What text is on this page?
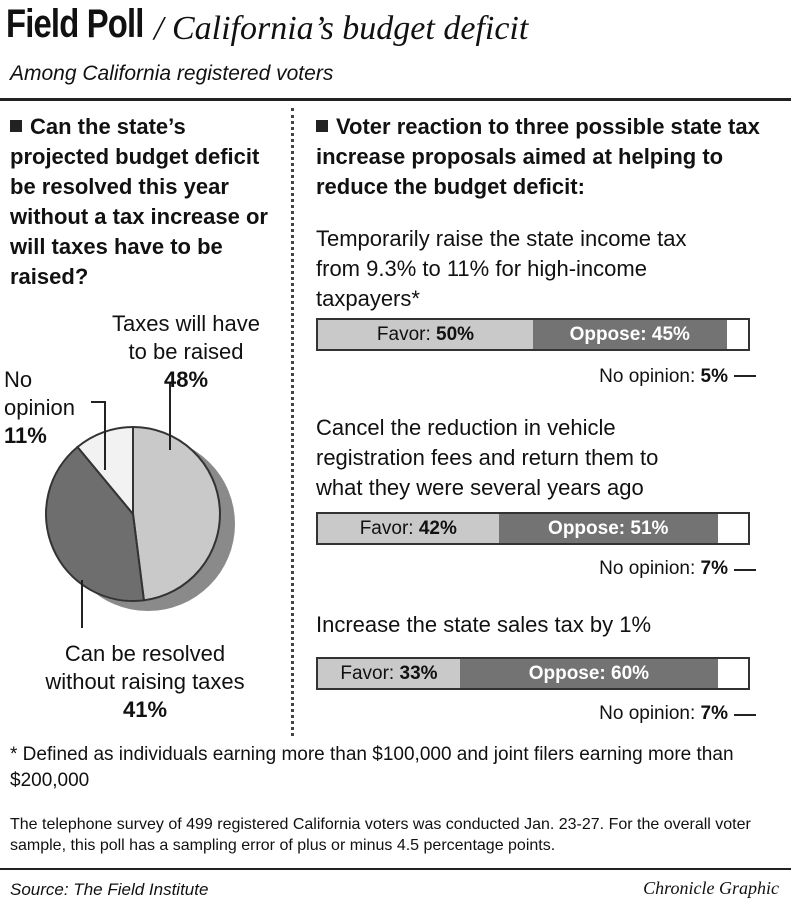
Field Poll / California’s budget deficit
Among California registered voters
Can the state’s projected budget deficit be resolved this year without a tax increase or will taxes have to be raised?
Taxes will have
to be raised
48%
No
opinion
11%
Can be resolved
without raising taxes
41%
Voter reaction to three possible state tax increase proposals aimed at helping to reduce the budget deficit:
Temporarily raise the state income tax
from 9.3% to 11% for high-income
taxpayers*
Favor: 50%	Oppose: 45%
No opinion: 5%
Cancel the reduction in vehicle
registration fees and return them to
what they were several years ago
Favor: 42%	Oppose: 51%
No opinion: 7%
Increase the state sales tax by 1%
Favor: 33%	Oppose: 60%
No opinion: 7%
* Defined as individuals earning more than $100,000 and joint filers earning more than $200,000
The telephone survey of 499 registered California voters was conducted Jan. 23-27. For the overall voter sample, this poll has a sampling error of plus or minus 4.5 percentage points.
Source: The Field Institute	Chronicle Graphic
